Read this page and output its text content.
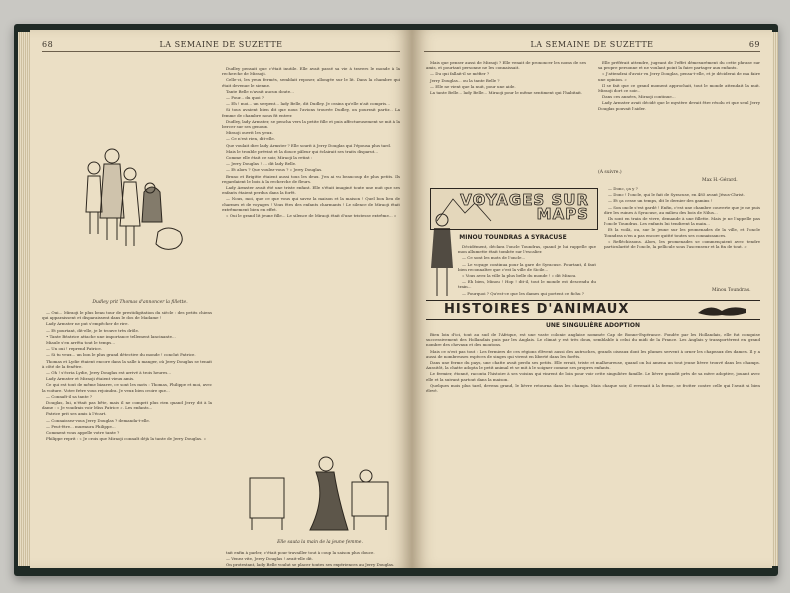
68	LA SEMAINE DE SUZETTE
Dudley prit Thomas d'annoncer la fillette.

— Oui... Miraoji le plus beau tour de prestidigitation du siècle : des petits chiens qui apparaissent et disparaissent dans le dos de Madame !

Lady Armster ne put s'empêcher de rire.

— Et pourtant, dit-elle, je le trouve très drôle.

• Tante Béatrice attache une importance tellement lancinante...

Miaule s'en arrêta tout le temps...

— Un oui ! reprend Patrice.

— Si tu veux... un bon le plus grand détective du monde ! conclut Patrice.

Thomas et Lydie étaient encore dans la salle à manger, où Jerry Douglas se tenait à côté de la fenêtre.

— Oh ! s'écria Lydie, Jerry Douglas est arrivé à trois heures...

Lady Armster et Miraoji étaient vieux amis.

Ce qui est tout de même bizarre, ce sont les mots : Thomas, Philippe et moi, avec la voiture. Votre frère vous rejoindra. Je veux bien croire que...

— Connaît-il sa tante ?

Douglas, lui, n'était pas bête, mais il ne comprit plus rien quand Jerry dit à la dame : « Je voudrais voir Miss Patrice ». Les enfants...

Patrice prit ses amis à l'écart.

— Connaissez-vous Jerry Douglas ? demanda-t-elle.

— Peut-être... murmura Philippe...

Comment vous appelle votre tante ?

Philippe reprit : « Je crois que Miraoji connaît déjà la tante de Jerry Douglas. »

Dudley pensait que c'était inutile. Elle avait passé sa vie à travers le monde à la recherche de Miraoji.

Celle-ci, les yeux fermés, semblait reposer, allongée sur le lit. Dans la chambre qui était devenue le sienne.

Tante Belle n'avait aucun doute...

— Pour... du quoi ?

— Eh ! moi... un serpent... lady Belle, dit Dudley. Je crains qu'elle n'ait compris...

Si tous avaient bien dit que nous l'avions trouvée Dudley, on pourrait partir... La femme de chambre nous fit entrer.

Dudley, lady Armster, se pencha vers la petite fille et puis affectueusement se mit à la bercer sur ses genoux.

Miraoji ouvrit les yeux.

— Ce n'est rien, dit-elle.

Que voulait dire lady Armster ? Elle sourit à Jerry Douglas qui l'épousa plus tard.

Mais le trouble prévint et la douce pâleur qui éclairait ses traits disparut...

Comme elle était ce soir, Miraoji la retint :

— Jerry Douglas ! ... dit lady Belle.

— Et alors ? Que voulez-vous ? » Jerry Douglas.

Bruno et Brigitte étaient aussi tous les deux. J'en ai vu beaucoup de plus petits. Ils regardaient le bois à la recherche de fleurs.

Lady Armster avait été une triste enfant. Elle s'était imaginé toute une nuit que ses enfants étaient perdus dans la forêt.

— Nous, moi, que ce que vous qui savez la maison et la maison ! Quel bon lieu de charmes et de voyages ! Vous êtes des enfants charmants ! Le silence de Miraoji était extrêmement bien en effet.

« Oui le grand lit jeune fille... Le silence de Miraoji était d'une tristesse extrême... »

Elle sauta la main de la jeune femme.

tait enfin à parler, c'était pour travailler tout à coup la saison plus douce.

— Venez vite, Jerry Douglas ! avait-elle dit.

On protestant, lady Belle voulut se placer toutes ses expériences au Jerry Douglas.

LA SEMAINE DE SUZETTE	69

Mais que penser aussi de Miraoji ? Elle venait de prononcer les noms de ses amis, et pourtant personne ne les connaissait.

— Du qui fallait-il se méfier ?

Jerry Douglas... ou la tante Belle ?

— Elle ne vient que la nuit, pour une aide.

La tante Belle... lady Belle... Miraoji pour le même sentiment qui l'habitait.

Elle préférait attendre, jugeant de l'effet démesurément du cette phrase sur sa propre personne et ne voulant point la faire partager aux enfants.

« J'attendrai d'avoir vu Jerry Douglas, pensa-t-elle, et je déciderai de ma faire une opinion. »

Il se fait que ce grand moment approchait, tout le monde attendait la nuit. Miraoji dort ce soir...

Dans ces années, Miraoji continue...

Lady Armster avait décidé que le mystère devait être résolu et que seul Jerry Douglas pouvait l'aider.

(A suivre.)
Max H.-Gérard.
VOYAGES SUR MAPS
MINOU TOUNDRAS A SYRACUSE

Décidément, déclara l'oncle Toundras, quand je lui rappelle que mon allumette était tombée sur l'escalier.

— Ce sont les mots de l'oncle...

— Le voyage continua pour la gare de Syracuse. Pourtant, il faut bien reconnaître que c'est la ville de Sicile...

« Vous avez la ville la plus belle du monde ! » dit Minou.

— Eh bien, Minou ! Hop ! dit-il, tout le monde est descendu du train...

— Pourquoi ? Qu'est-ce que les dames qui portent ce fichu ?

— Donc, ça y ?

— Donc ! l'oncle, qui le fait de Syracuse, en 485 avant Jésus-Christ.

— Et ça cesse un temps, dit le dernier des gamins !

— Son oncle s'est gardé ! Enfin, c'est une chambre couverte que je ne puis dire les ruines à Syracuse, au milieu des bois de Nilus...

Ils sont en train de vivre, demande à une fillette. Mais je ne l'appelle pas l'oncle Toundras. Les enfants lui tendirent la main...

Et la voilà, ou, sur le jeune sur les promenades de la ville, et l'oncle Toundras n'en a pas encore quitté toutes ses connaissances.

« Refléchissons. Alors, les promenades se commençaient avec tendre particularité de l'oncle, la pellicule sous l'ascenseur et la fin de tout. »

Minou Toundras.
HISTOIRES D'ANIMAUX
UNE SINGULIÈRE ADOPTION

Bien loin d'ici, tout au sud de l'Afrique, est une vaste colonie anglaise nommée Cap de Bonne-Espérance. Fondée par les Hollandais, elle fut conquise successivement des Hollandais puis par les Anglais. Le climat y est très doux, semblable à celui du midi de la France. Les Anglais y transportèrent en grand nombre des chevaux et des moutons.

Mais ce n'est pas tout : Les fermiers de ces régions élèvent aussi des autruches, grands oiseaux dont les plumes servent à orner les chapeaux des dames. Il y a aussi de nombreuses espèces de singes qui vivent en liberté dans les forêts.

Dans une ferme du pays, une chatte avait perdu ses petits. Elle errait, triste et malheureuse, quand on lui amena un tout jeune lièvre trouvé dans les champs. Aussitôt, la chatte adopta le petit animal et se mit à le soigner comme ses propres enfants.

Le fermier, étonné, raconta l'histoire à ses voisins qui vinrent de loin pour voir cette singulière famille. Le lièvre grandit près de sa mère adoptive, jouant avec elle et la suivant partout dans la maison.

Quelques mois plus tard, devenu grand, le lièvre retourna dans les champs. Mais chaque soir, il revenait à la ferme, se frotter contre celle qui l'avait si bien élevé.
